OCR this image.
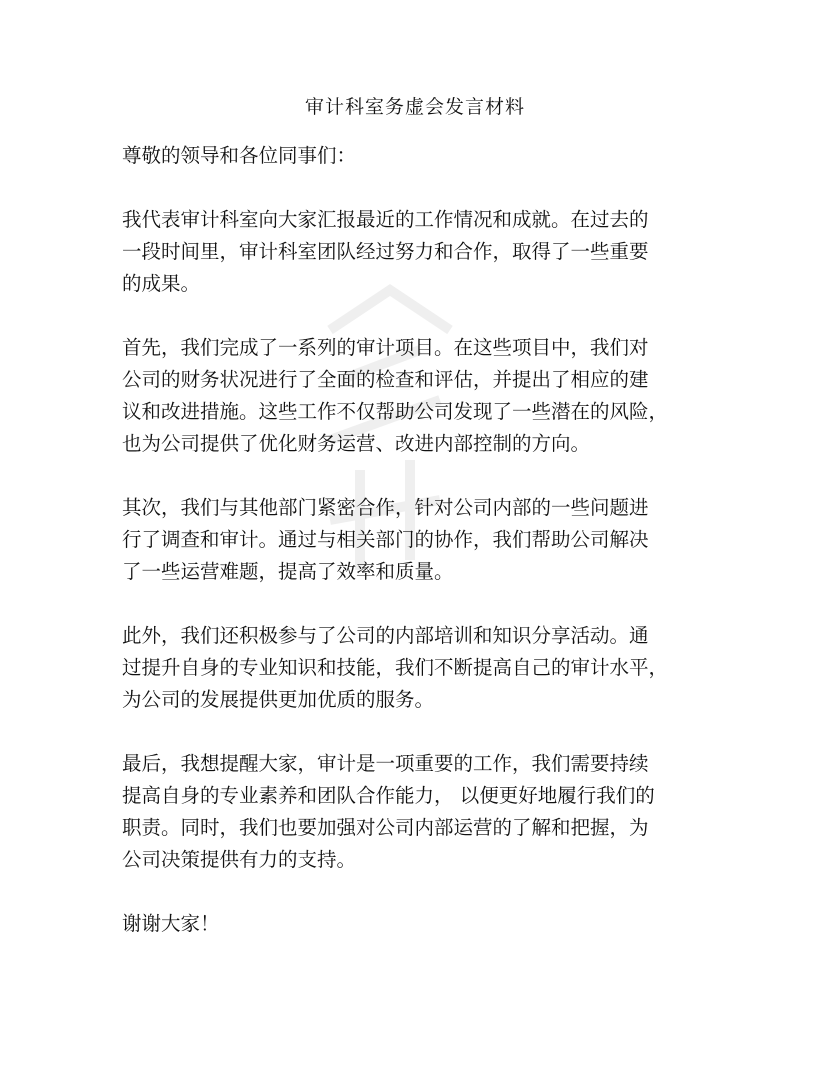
审计科室务虚会发言材料
尊敬的领导和各位同事们：
我代表审计科室向大家汇报最近的工作情况和成就。在过去的
一段时间里，审计科室团队经过努力和合作，取得了一些重要
的成果。
首先，我们完成了一系列的审计项目。在这些项目中，我们对
公司的财务状况进行了全面的检查和评估，并提出了相应的建
议和改进措施。这些工作不仅帮助公司发现了一些潜在的风险，
也为公司提供了优化财务运营、改进内部控制的方向。
其次，我们与其他部门紧密合作，针对公司内部的一些问题进
行了调查和审计。通过与相关部门的协作，我们帮助公司解决
了一些运营难题，提高了效率和质量。
此外，我们还积极参与了公司的内部培训和知识分享活动。通
过提升自身的专业知识和技能，我们不断提高自己的审计水平，
为公司的发展提供更加优质的服务。
最后，我想提醒大家，审计是一项重要的工作，我们需要持续
提高自身的专业素养和团队合作能力， 以便更好地履行我们的
职责。同时，我们也要加强对公司内部运营的了解和把握，为
公司决策提供有力的支持。
谢谢大家！
